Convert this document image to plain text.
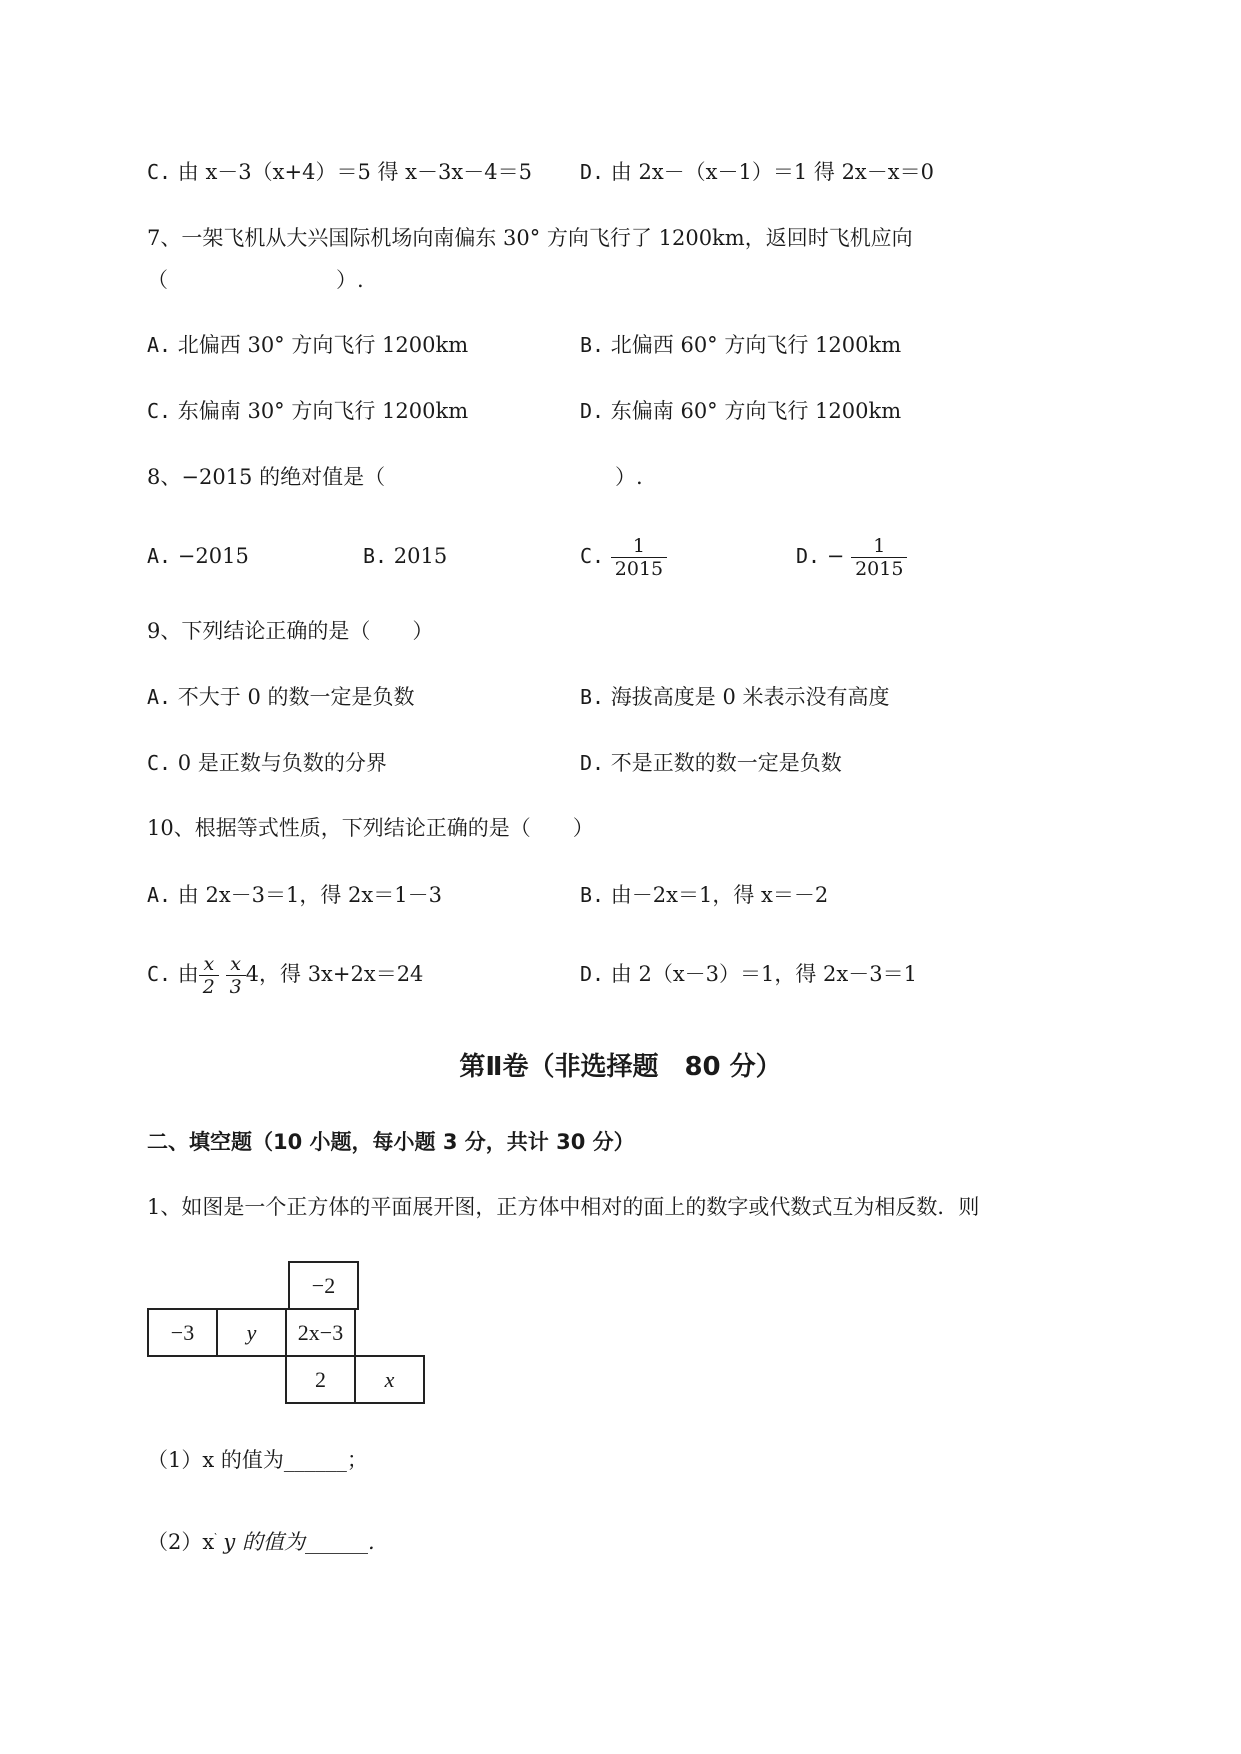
C. 由 x－3（x+4）＝5 得 x－3x－4＝5 D. 由 2x－（x－1）＝1 得 2x－x＝0
7、一架飞机从大兴国际机场向南偏东 30° 方向飞行了 1200km，返回时飞机应向
（　　　　　　　　）.
A. 北偏西 30° 方向飞行 1200km	B. 北偏西 60° 方向飞行 1200km
C. 东偏南 30° 方向飞行 1200km	D. 东偏南 60° 方向飞行 1200km
8、−2015 的绝对值是（	）.
A. −2015	B. 2015	C. $\frac{1}{2015}$	D. − $\frac{1}{2015}$
9、下列结论正确的是（　　）
A. 不大于 0 的数一定是负数	B. 海拔高度是 0 米表示没有高度
C. 0 是正数与负数的分界	D. 不是正数的数一定是负数
10、根据等式性质，下列结论正确的是（　　）
A. 由 2x－3＝1，得 2x＝1－3	B. 由－2x＝1，得 x＝－2
C. 由 $\frac{x}{2}$
$\frac{x}{3} 4$，得 3x+2x＝24	D. 由 2（x－3）＝1，得 2x－3＝1
第Ⅱ卷（非选择题　80 分）
二、填空题（10 小题，每小题 3 分，共计 30 分）
1、如图是一个正方体的平面展开图，正方体中相对的面上的数字或代数式互为相反数．则
−2
−3	y	2x−3
2	x
（1）x 的值为______；
（2）x‵ y 的值为______.
